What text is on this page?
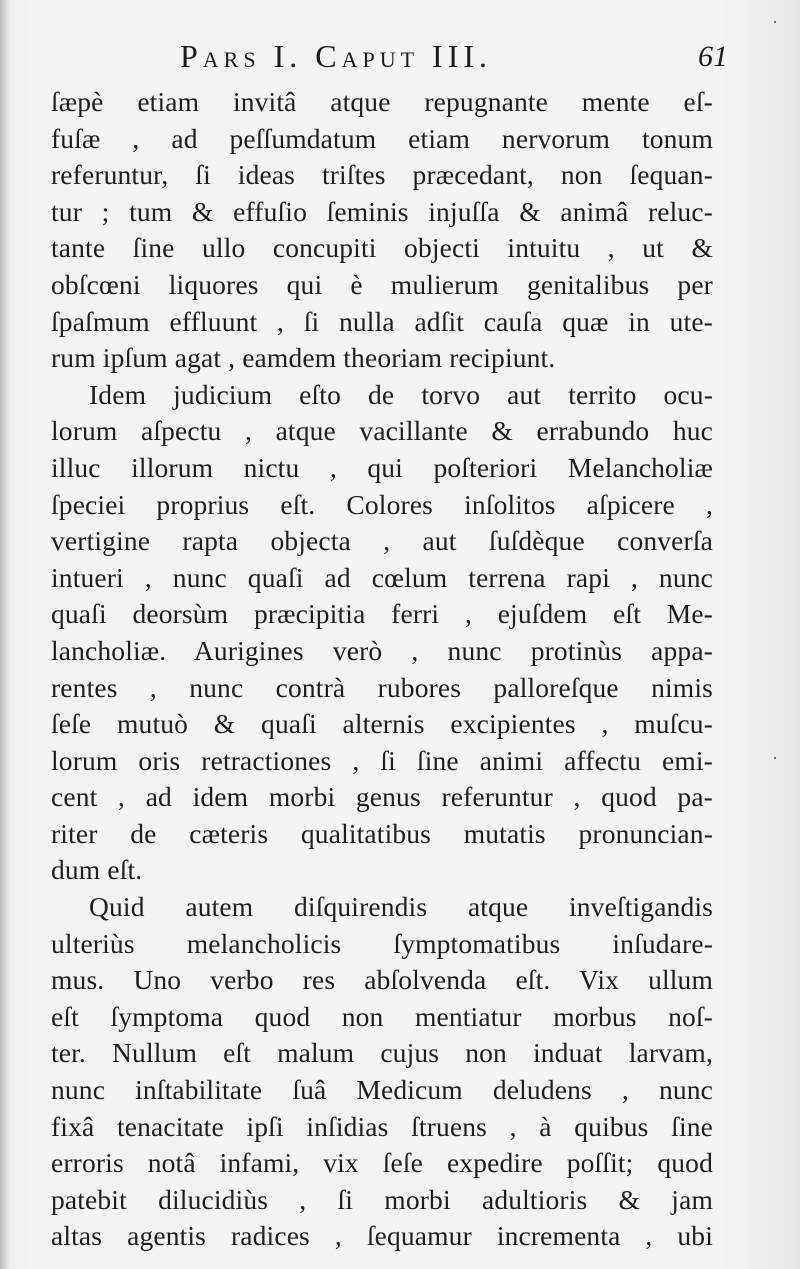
Pars I. Caput III.	61
ſæpè etiam invitâ atque repugnante mente eſ-
fuſæ , ad peſſumdatum etiam nervorum tonum
referuntur, ſi ideas triſtes præcedant, non ſequan-
tur ; tum & effuſio ſeminis injuſſa & animâ reluc-
tante ſine ullo concupiti objecti intuitu , ut &
obſcœni liquores qui è mulierum genitalibus per
ſpaſmum effluunt , ſi nulla adſit cauſa quæ in ute-
rum ipſum agat , eamdem theoriam recipiunt.
Idem judicium eſto de torvo aut territo ocu-
lorum aſpectu , atque vacillante & errabundo huc
illuc illorum nictu , qui poſteriori Melancholiæ
ſpeciei proprius eſt. Colores inſolitos aſpicere ,
vertigine rapta objecta , aut ſuſdèque converſa
intueri , nunc quaſi ad cœlum terrena rapi , nunc
quaſi deorsùm præcipitia ferri , ejuſdem eſt Me-
lancholiæ. Aurigines verò , nunc protinùs appa-
rentes , nunc contrà rubores palloreſque nimis
ſeſe mutuò & quaſi alternis excipientes , muſcu-
lorum oris retractiones , ſi ſine animi affectu emi-
cent , ad idem morbi genus referuntur , quod pa-
riter de cæteris qualitatibus mutatis pronuncian-
dum eſt.
Quid autem diſquirendis atque inveſtigandis
ulteriùs melancholicis ſymptomatibus inſudare-
mus. Uno verbo res abſolvenda eſt. Vix ullum
eſt ſymptoma quod non mentiatur morbus noſ-
ter. Nullum eſt malum cujus non induat larvam,
nunc inſtabilitate ſuâ Medicum deludens , nunc
fixâ tenacitate ipſi inſidias ſtruens , à quibus ſine
erroris notâ infami, vix ſeſe expedire poſſit; quod
patebit dilucidiùs , ſi morbi adultioris & jam
altas agentis radices , ſequamur incrementa , ubi
·
·
